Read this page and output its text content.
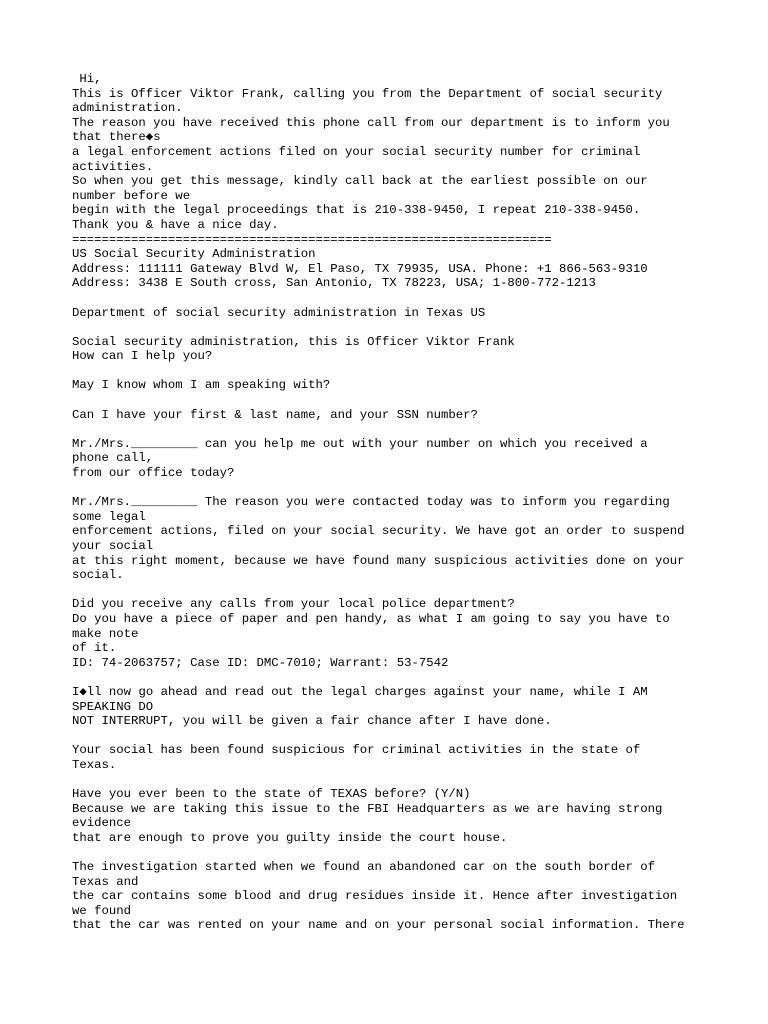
Hi,
This is Officer Viktor Frank, calling you from the Department of social security
administration.
The reason you have received this phone call from our department is to inform you
that there◆s
a legal enforcement actions filed on your social security number for criminal
activities.
So when you get this message, kindly call back at the earliest possible on our
number before we
begin with the legal proceedings that is 210-338-9450, I repeat 210-338-9450.
Thank you & have a nice day.
=================================================================
US Social Security Administration
Address: 111111 Gateway Blvd W, El Paso, TX 79935, USA. Phone: +1 866-563-9310
Address: 3438 E South cross, San Antonio, TX 78223, USA; 1-800-772-1213
Department of social security administration in Texas US
Social security administration, this is Officer Viktor Frank
How can I help you?
May I know whom I am speaking with?
Can I have your first & last name, and your SSN number?
Mr./Mrs._________ can you help me out with your number on which you received a
phone call,
from our office today?
Mr./Mrs._________ The reason you were contacted today was to inform you regarding
some legal
enforcement actions, filed on your social security. We have got an order to suspend
your social
at this right moment, because we have found many suspicious activities done on your
social.
Did you receive any calls from your local police department?
Do you have a piece of paper and pen handy, as what I am going to say you have to
make note
of it.
ID: 74-2063757; Case ID: DMC-7010; Warrant: 53-7542
I◆ll now go ahead and read out the legal charges against your name, while I AM
SPEAKING DO
NOT INTERRUPT, you will be given a fair chance after I have done.
Your social has been found suspicious for criminal activities in the state of
Texas.
Have you ever been to the state of TEXAS before? (Y/N)
Because we are taking this issue to the FBI Headquarters as we are having strong
evidence
that are enough to prove you guilty inside the court house.
The investigation started when we found an abandoned car on the south border of
Texas and
the car contains some blood and drug residues inside it. Hence after investigation
we found
that the car was rented on your name and on your personal social information. There
